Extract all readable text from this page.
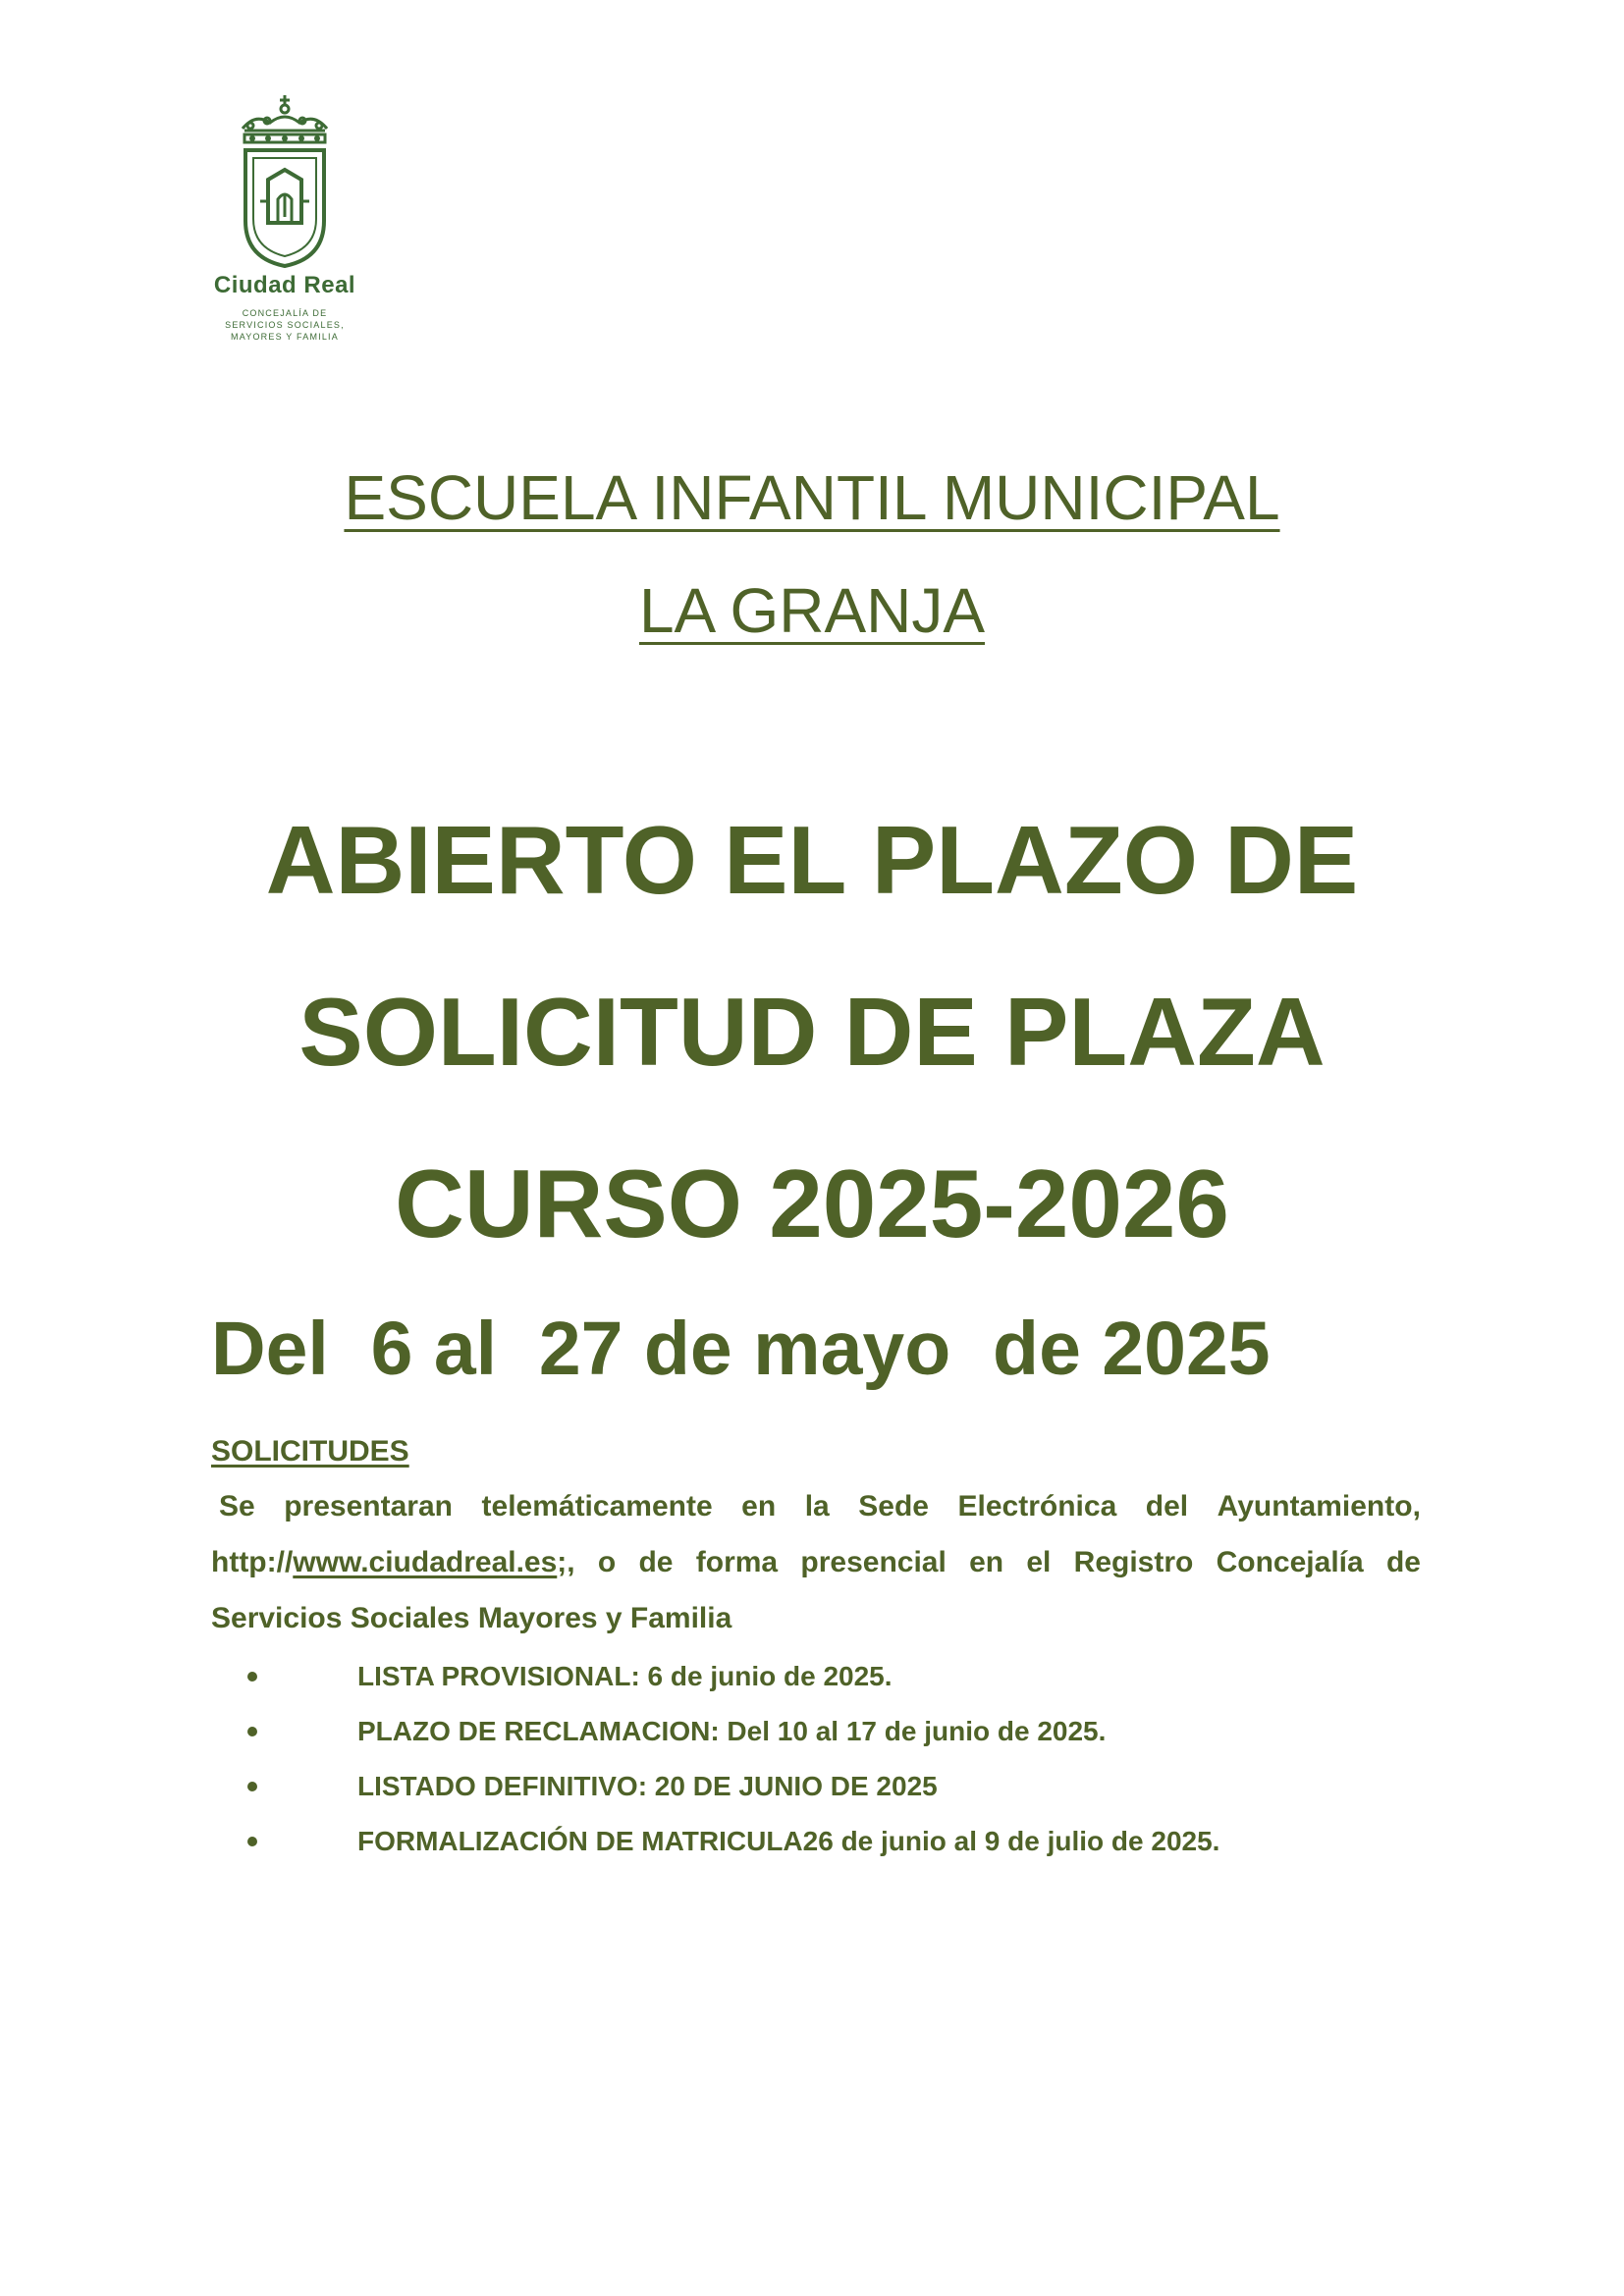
Ciudad Real
CONCEJALÍA DE
SERVICIOS SOCIALES,
MAYORES Y FAMILIA
ESCUELA INFANTIL MUNICIPAL
LA GRANJA
ABIERTO EL PLAZO DE
SOLICITUD DE PLAZA
CURSO 2025-2026
Del  6 al  27 de mayo  de 2025
SOLICITUDES
Se presentaran telemáticamente en la Sede Electrónica del Ayuntamiento,
http://www.ciudadreal.es;, o de forma presencial en el Registro Concejalía de
Servicios Sociales Mayores y Familia
LISTA PROVISIONAL: 6 de junio de 2025.
PLAZO DE RECLAMACION: Del 10 al 17 de junio de 2025.
LISTADO DEFINITIVO: 20 DE JUNIO DE 2025
FORMALIZACIÓN DE MATRICULA26 de junio al 9 de julio de 2025.
